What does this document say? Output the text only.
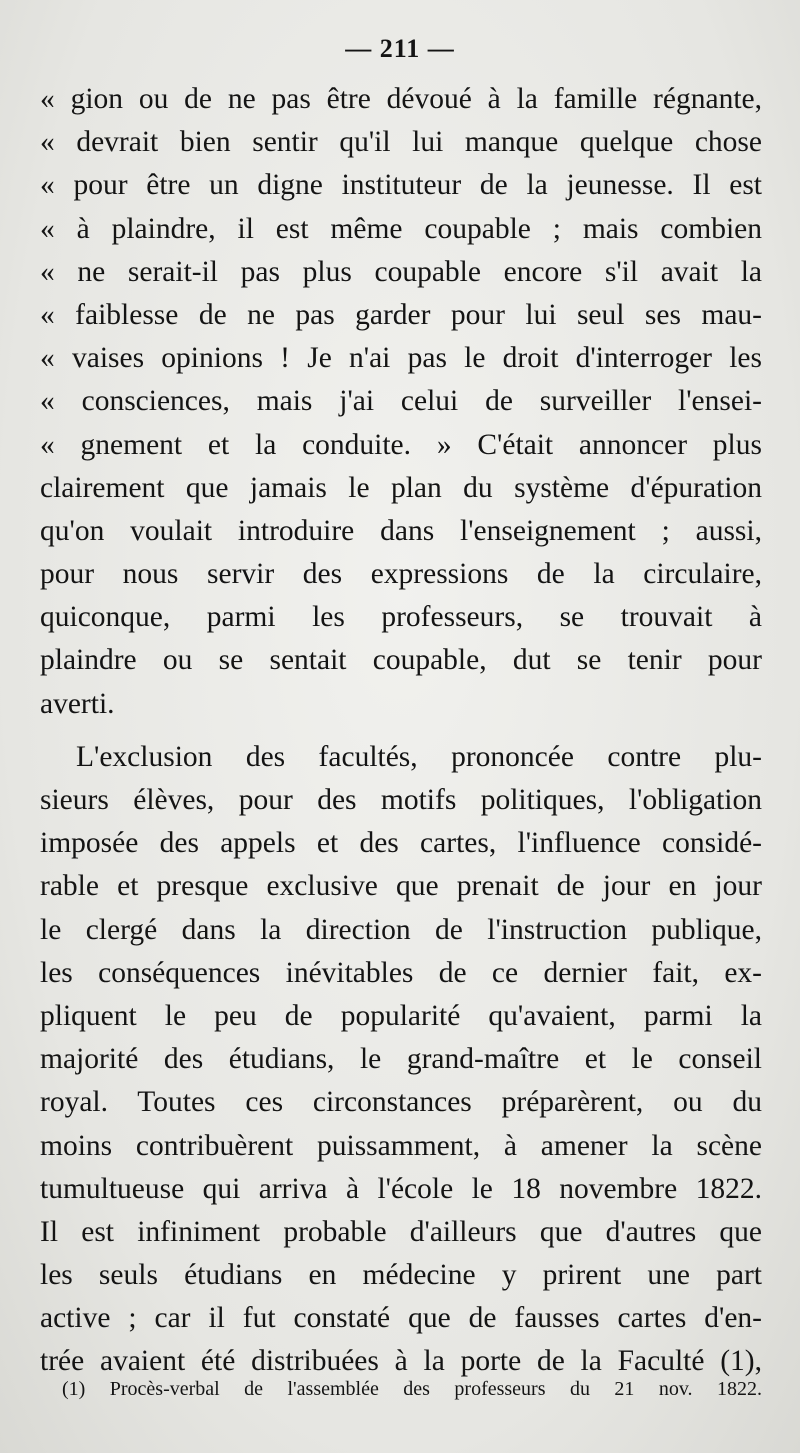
— 211 —
« gion ou de ne pas être dévoué à la famille régnante,
« devrait bien sentir qu'il lui manque quelque chose
« pour être un digne instituteur de la jeunesse. Il est
« à plaindre, il est même coupable ; mais combien
« ne serait-il pas plus coupable encore s'il avait la
« faiblesse de ne pas garder pour lui seul ses mau-
« vaises opinions ! Je n'ai pas le droit d'interroger les
« consciences, mais j'ai celui de surveiller l'ensei-
« gnement et la conduite. » C'était annoncer plus
clairement que jamais le plan du système d'épuration
qu'on voulait introduire dans l'enseignement ; aussi,
pour nous servir des expressions de la circulaire,
quiconque, parmi les professeurs, se trouvait à
plaindre ou se sentait coupable, dut se tenir pour
averti.
L'exclusion des facultés, prononcée contre plu-
sieurs élèves, pour des motifs politiques, l'obligation
imposée des appels et des cartes, l'influence considé-
rable et presque exclusive que prenait de jour en jour
le clergé dans la direction de l'instruction publique,
les conséquences inévitables de ce dernier fait, ex-
pliquent le peu de popularité qu'avaient, parmi la
majorité des étudians, le grand-maître et le conseil
royal. Toutes ces circonstances préparèrent, ou du
moins contribuèrent puissamment, à amener la scène
tumultueuse qui arriva à l'école le 18 novembre 1822.
Il est infiniment probable d'ailleurs que d'autres que
les seuls étudians en médecine y prirent une part
active ; car il fut constaté que de fausses cartes d'en-
trée avaient été distribuées à la porte de la Faculté (1),
(1) Procès-verbal de l'assemblée des professeurs du 21 nov. 1822.
